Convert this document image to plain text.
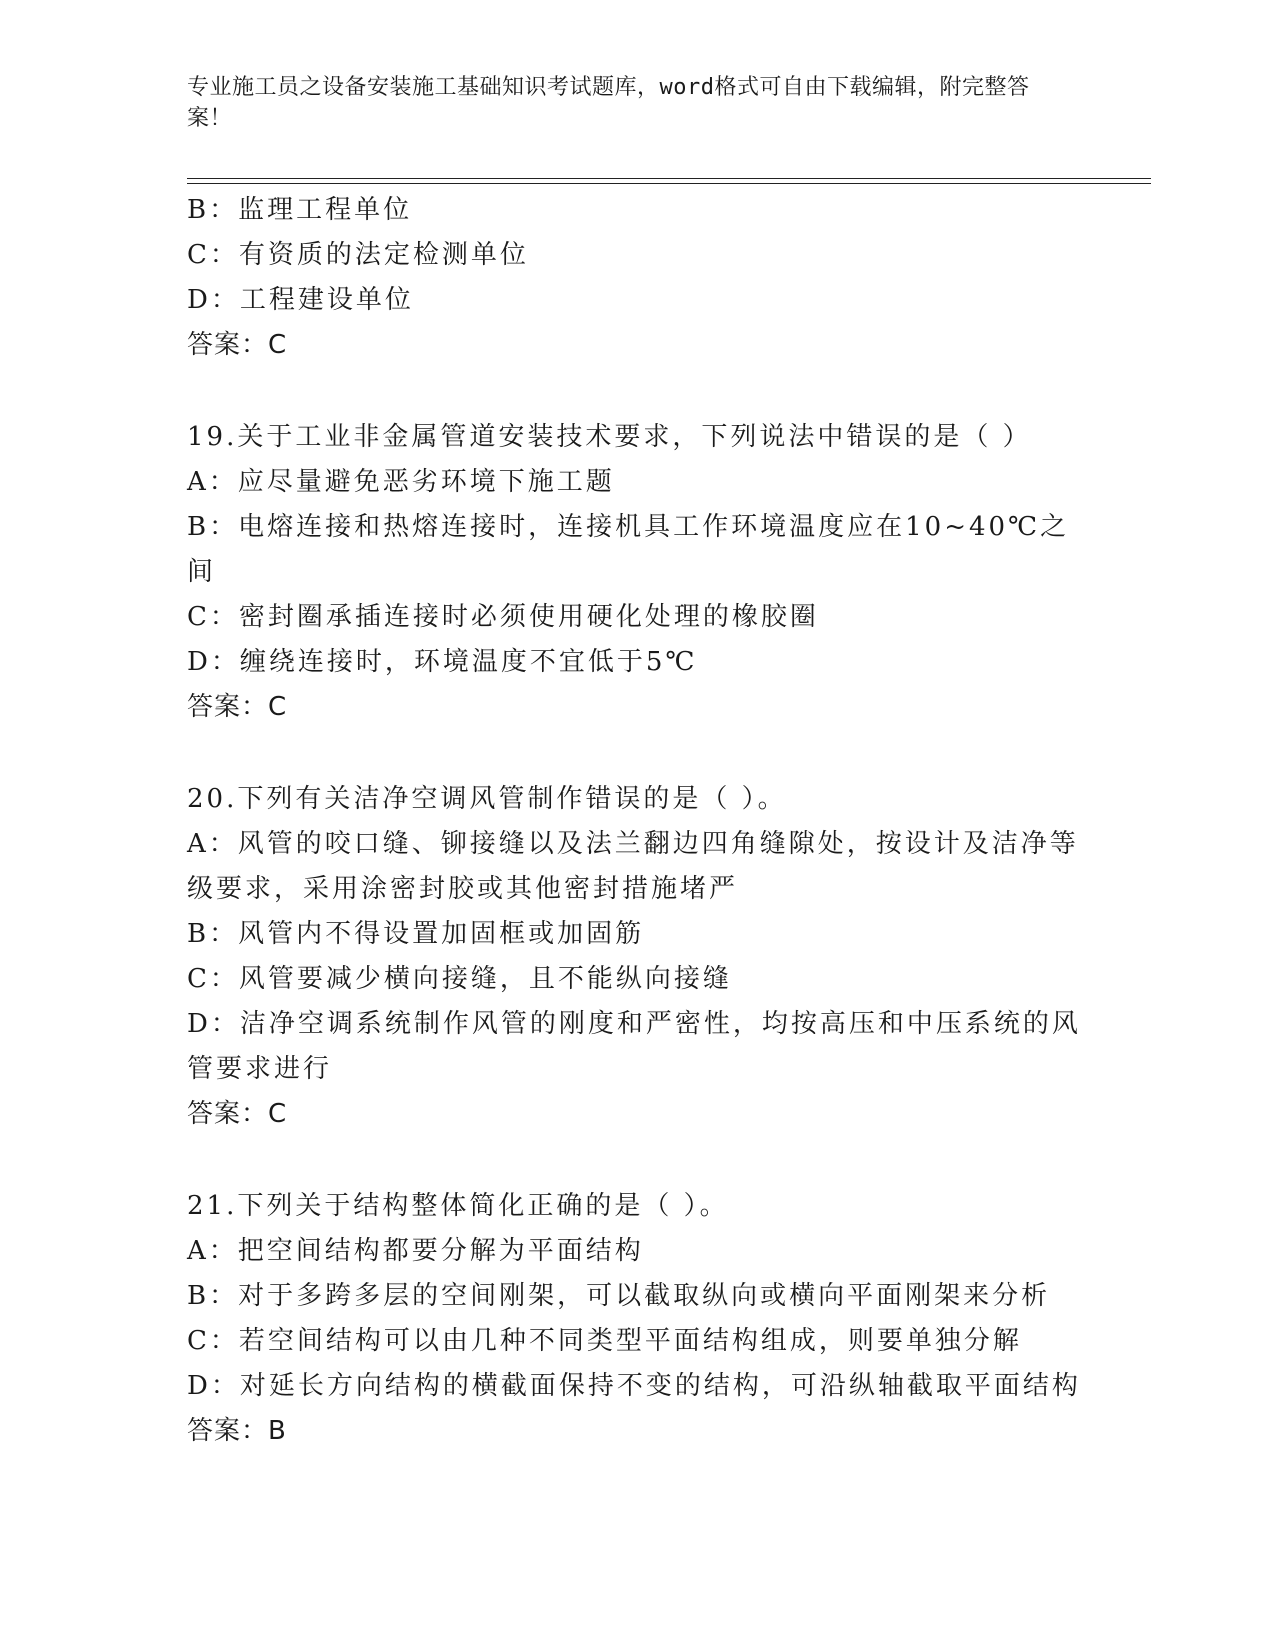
专业施工员之设备安装施工基础知识考试题库，word格式可自由下载编辑，附完整答案！
B：监理工程单位
C：有资质的法定检测单位
D：工程建设单位
答案：C
19.关于工业非金属管道安装技术要求，下列说法中错误的是（ ）
A：应尽量避免恶劣环境下施工题
B：电熔连接和热熔连接时，连接机具工作环境温度应在10~40℃之间
C：密封圈承插连接时必须使用硬化处理的橡胶圈
D：缠绕连接时，环境温度不宜低于5℃
答案：C
20.下列有关洁净空调风管制作错误的是（ ）。
A：风管的咬口缝、铆接缝以及法兰翻边四角缝隙处，按设计及洁净等级要求，采用涂密封胶或其他密封措施堵严
B：风管内不得设置加固框或加固筋
C：风管要减少横向接缝，且不能纵向接缝
D：洁净空调系统制作风管的刚度和严密性，均按高压和中压系统的风管要求进行
答案：C
21.下列关于结构整体简化正确的是（ ）。
A：把空间结构都要分解为平面结构
B：对于多跨多层的空间刚架，可以截取纵向或横向平面刚架来分析
C：若空间结构可以由几种不同类型平面结构组成，则要单独分解
D：对延长方向结构的横截面保持不变的结构，可沿纵轴截取平面结构
答案：B
